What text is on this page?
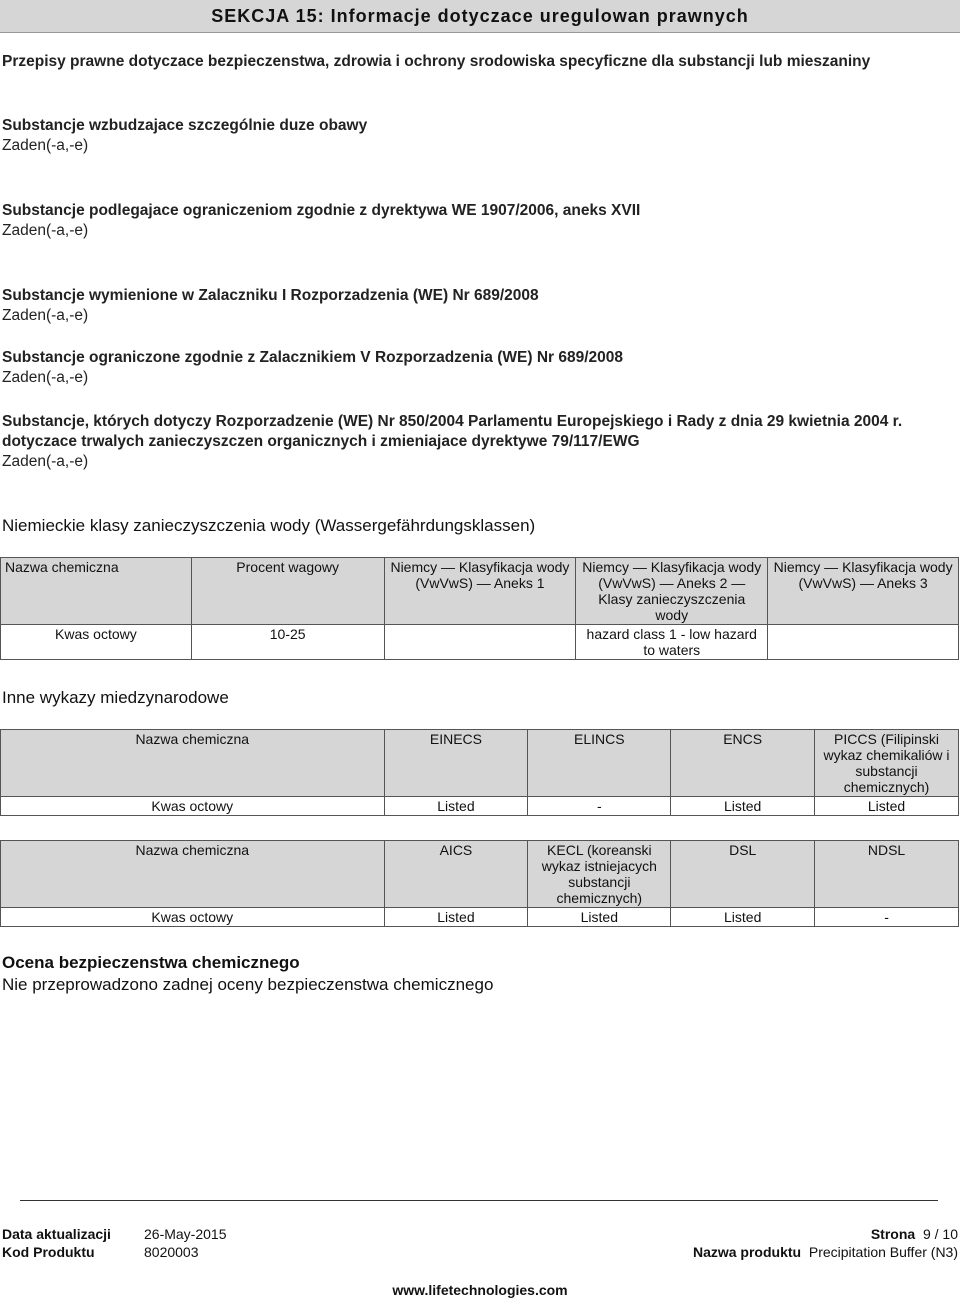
SEKCJA 15: Informacje dotyczace uregulowan prawnych
Przepisy prawne dotyczace bezpieczenstwa, zdrowia i ochrony srodowiska specyficzne dla substancji lub mieszaniny
Substancje wzbudzajace szczególnie duze obawy
Zaden(-a,-e)
Substancje podlegajace ograniczeniom zgodnie z dyrektywa WE 1907/2006, aneks XVII
Zaden(-a,-e)
Substancje wymienione w Zalaczniku I Rozporzadzenia (WE) Nr 689/2008
Zaden(-a,-e)
Substancje ograniczone zgodnie z Zalacznikiem V Rozporzadzenia (WE) Nr 689/2008
Zaden(-a,-e)
Substancje, których dotyczy Rozporzadzenie (WE) Nr 850/2004 Parlamentu Europejskiego i Rady z dnia 29 kwietnia 2004 r. dotyczace trwalych zanieczyszczen organicznych i zmieniajace dyrektywe 79/117/EWG
Zaden(-a,-e)
Niemieckie klasy zanieczyszczenia wody (Wassergefährdungsklassen)
Nazwa chemiczna	Procent wagowy	Niemcy — Klasyfikacja wody (VwVwS) — Aneks 1	Niemcy — Klasyfikacja wody (VwVwS) — Aneks 2 — Klasy zanieczyszczenia wody	Niemcy — Klasyfikacja wody (VwVwS) — Aneks 3
Kwas octowy	10-25		hazard class 1 - low hazard to waters	
Inne wykazy miedzynarodowe
Nazwa chemiczna	EINECS	ELINCS	ENCS	PICCS (Filipinski wykaz chemikaliów i substancji chemicznych)
Kwas octowy	Listed	-	Listed	Listed
Nazwa chemiczna	AICS	KECL (koreanski wykaz istniejacych substancji chemicznych)	DSL	NDSL
Kwas octowy	Listed	Listed	Listed	-
Ocena bezpieczenstwa chemicznego
Nie przeprowadzono zadnej oceny bezpieczenstwa chemicznego
Data aktualizacji 26-May-2015
Kod Produktu	8020003
Strona 9 / 10
Nazwa produktu Precipitation Buffer (N3)
www.lifetechnologies.com
